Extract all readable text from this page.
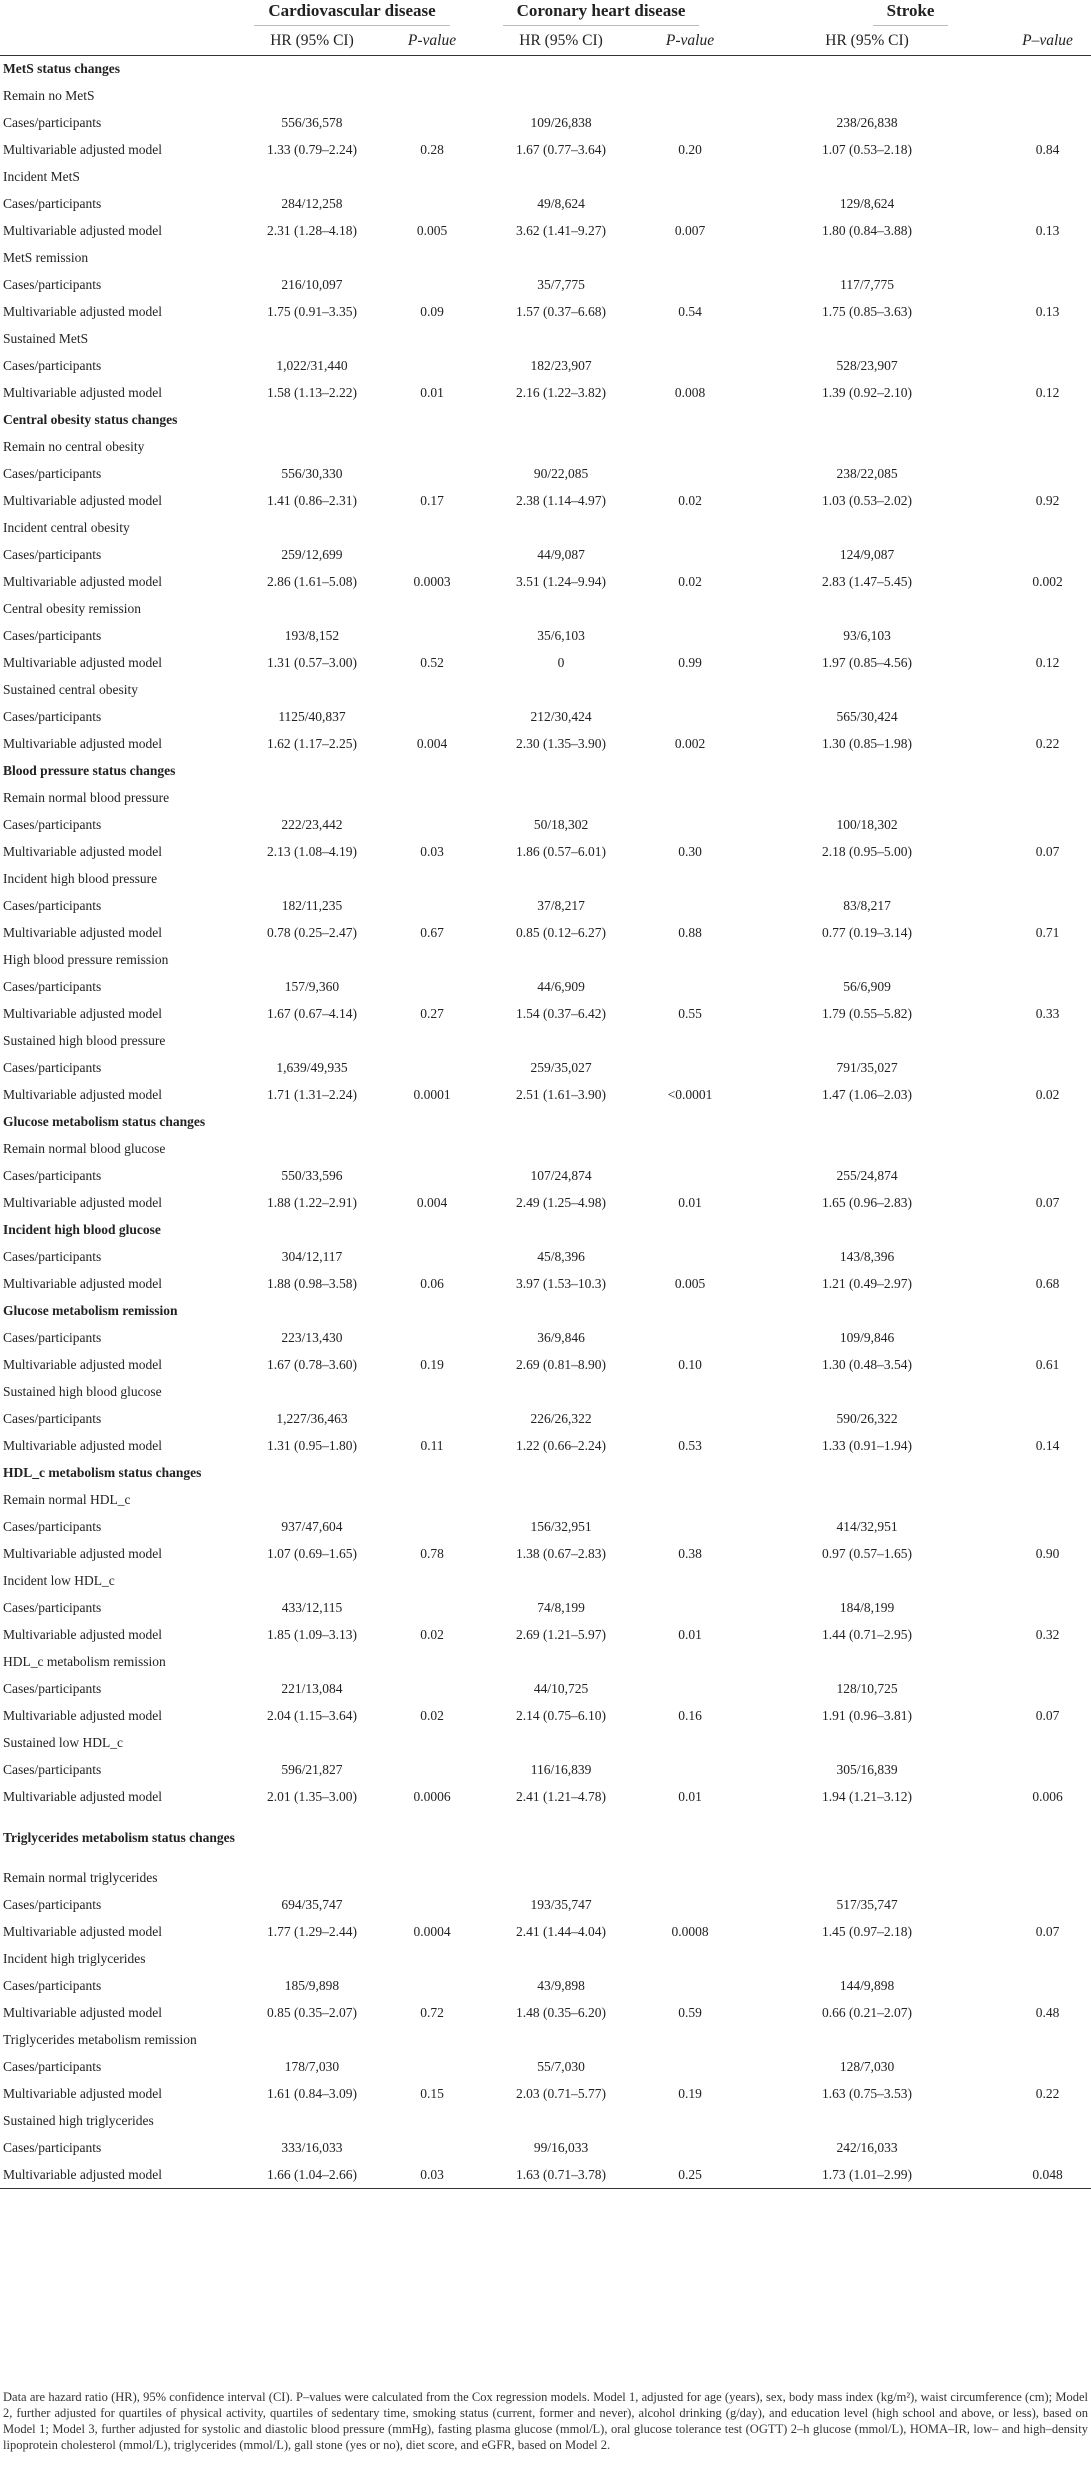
	Cardiovascular disease		Coronary heart disease		Stroke	
	HR (95% CI)	P-value	HR (95% CI)	P-value	HR (95% CI)	P–value
MetS status changes						
Remain no MetS						
Cases/participants	556/36,578		109/26,838		238/26,838	
Multivariable adjusted model	1.33 (0.79–2.24)	0.28	1.67 (0.77–3.64)	0.20	1.07 (0.53–2.18)	0.84
Incident MetS						
Cases/participants	284/12,258		49/8,624		129/8,624	
Multivariable adjusted model	2.31 (1.28–4.18)	0.005	3.62 (1.41–9.27)	0.007	1.80 (0.84–3.88)	0.13
MetS remission						
Cases/participants	216/10,097		35/7,775		117/7,775	
Multivariable adjusted model	1.75 (0.91–3.35)	0.09	1.57 (0.37–6.68)	0.54	1.75 (0.85–3.63)	0.13
Sustained MetS						
Cases/participants	1,022/31,440		182/23,907		528/23,907	
Multivariable adjusted model	1.58 (1.13–2.22)	0.01	2.16 (1.22–3.82)	0.008	1.39 (0.92–2.10)	0.12
Central obesity status changes						
Remain no central obesity						
Cases/participants	556/30,330		90/22,085		238/22,085	
Multivariable adjusted model	1.41 (0.86–2.31)	0.17	2.38 (1.14–4.97)	0.02	1.03 (0.53–2.02)	0.92
Incident central obesity						
Cases/participants	259/12,699		44/9,087		124/9,087	
Multivariable adjusted model	2.86 (1.61–5.08)	0.0003	3.51 (1.24–9.94)	0.02	2.83 (1.47–5.45)	0.002
Central obesity remission						
Cases/participants	193/8,152		35/6,103		93/6,103	
Multivariable adjusted model	1.31 (0.57–3.00)	0.52	0	0.99	1.97 (0.85–4.56)	0.12
Sustained central obesity						
Cases/participants	1125/40,837		212/30,424		565/30,424	
Multivariable adjusted model	1.62 (1.17–2.25)	0.004	2.30 (1.35–3.90)	0.002	1.30 (0.85–1.98)	0.22
Blood pressure status changes						
Remain normal blood pressure						
Cases/participants	222/23,442		50/18,302		100/18,302	
Multivariable adjusted model	2.13 (1.08–4.19)	0.03	1.86 (0.57–6.01)	0.30	2.18 (0.95–5.00)	0.07
Incident high blood pressure						
Cases/participants	182/11,235		37/8,217		83/8,217	
Multivariable adjusted model	0.78 (0.25–2.47)	0.67	0.85 (0.12–6.27)	0.88	0.77 (0.19–3.14)	0.71
High blood pressure remission						
Cases/participants	157/9,360		44/6,909		56/6,909	
Multivariable adjusted model	1.67 (0.67–4.14)	0.27	1.54 (0.37–6.42)	0.55	1.79 (0.55–5.82)	0.33
Sustained high blood pressure						
Cases/participants	1,639/49,935		259/35,027		791/35,027	
Multivariable adjusted model	1.71 (1.31–2.24)	0.0001	2.51 (1.61–3.90)	<0.0001	1.47 (1.06–2.03)	0.02
Glucose metabolism status changes						
Remain normal blood glucose						
Cases/participants	550/33,596		107/24,874		255/24,874	
Multivariable adjusted model	1.88 (1.22–2.91)	0.004	2.49 (1.25–4.98)	0.01	1.65 (0.96–2.83)	0.07
Incident high blood glucose						
Cases/participants	304/12,117		45/8,396		143/8,396	
Multivariable adjusted model	1.88 (0.98–3.58)	0.06	3.97 (1.53–10.3)	0.005	1.21 (0.49–2.97)	0.68
Glucose metabolism remission						
Cases/participants	223/13,430		36/9,846		109/9,846	
Multivariable adjusted model	1.67 (0.78–3.60)	0.19	2.69 (0.81–8.90)	0.10	1.30 (0.48–3.54)	0.61
Sustained high blood glucose						
Cases/participants	1,227/36,463		226/26,322		590/26,322	
Multivariable adjusted model	1.31 (0.95–1.80)	0.11	1.22 (0.66–2.24)	0.53	1.33 (0.91–1.94)	0.14
HDL_c metabolism status changes						
Remain normal HDL_c						
Cases/participants	937/47,604		156/32,951		414/32,951	
Multivariable adjusted model	1.07 (0.69–1.65)	0.78	1.38 (0.67–2.83)	0.38	0.97 (0.57–1.65)	0.90
Incident low HDL_c						
Cases/participants	433/12,115		74/8,199		184/8,199	
Multivariable adjusted model	1.85 (1.09–3.13)	0.02	2.69 (1.21–5.97)	0.01	1.44 (0.71–2.95)	0.32
HDL_c metabolism remission						
Cases/participants	221/13,084		44/10,725		128/10,725	
Multivariable adjusted model	2.04 (1.15–3.64)	0.02	2.14 (0.75–6.10)	0.16	1.91 (0.96–3.81)	0.07
Sustained low HDL_c						
Cases/participants	596/21,827		116/16,839		305/16,839	
Multivariable adjusted model	2.01 (1.35–3.00)	0.0006	2.41 (1.21–4.78)	0.01	1.94 (1.21–3.12)	0.006
Triglycerides metabolism status changes						
Remain normal triglycerides						
Cases/participants	694/35,747		193/35,747		517/35,747	
Multivariable adjusted model	1.77 (1.29–2.44)	0.0004	2.41 (1.44–4.04)	0.0008	1.45 (0.97–2.18)	0.07
Incident high triglycerides						
Cases/participants	185/9,898		43/9,898		144/9,898	
Multivariable adjusted model	0.85 (0.35–2.07)	0.72	1.48 (0.35–6.20)	0.59	0.66 (0.21–2.07)	0.48
Triglycerides metabolism remission						
Cases/participants	178/7,030		55/7,030		128/7,030	
Multivariable adjusted model	1.61 (0.84–3.09)	0.15	2.03 (0.71–5.77)	0.19	1.63 (0.75–3.53)	0.22
Sustained high triglycerides						
Cases/participants	333/16,033		99/16,033		242/16,033	
Multivariable adjusted model	1.66 (1.04–2.66)	0.03	1.63 (0.71–3.78)	0.25	1.73 (1.01–2.99)	0.048
Data are hazard ratio (HR), 95% confidence interval (CI). P–values were calculated from the Cox regression models. Model 1, adjusted for age (years), sex, body mass index (kg/m²), waist circumference (cm); Model 2, further adjusted for quartiles of physical activity, quartiles of sedentary time, smoking status (current, former and never), alcohol drinking (g/day), and education level (high school and above, or less), based on Model 1; Model 3, further adjusted for systolic and diastolic blood pressure (mmHg), fasting plasma glucose (mmol/L), oral glucose tolerance test (OGTT) 2–h glucose (mmol/L), HOMA–IR, low– and high–density lipoprotein cholesterol (mmol/L), triglycerides (mmol/L), gall stone (yes or no), diet score, and eGFR, based on Model 2.
